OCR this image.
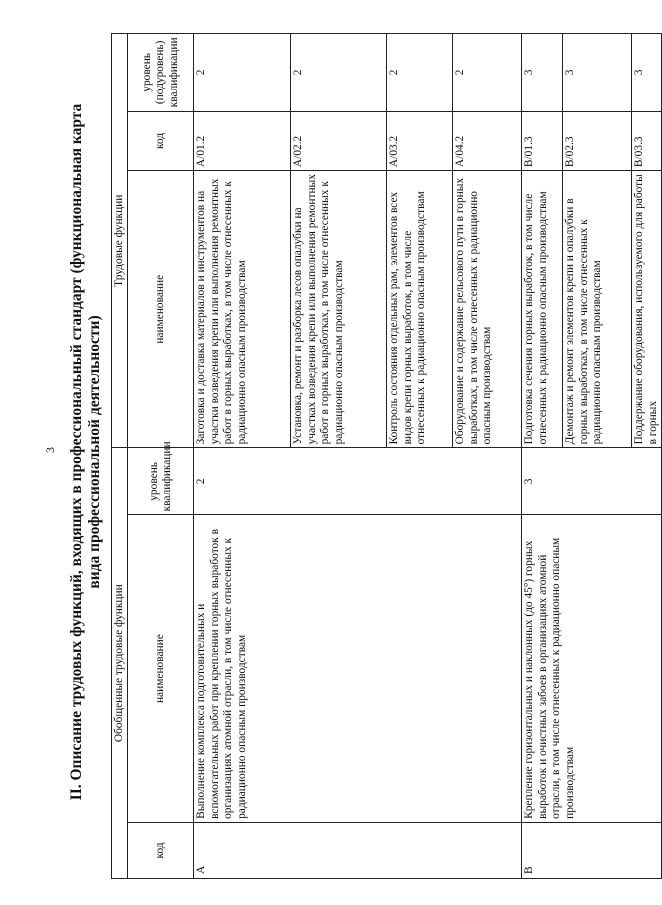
3 II. Описание трудовых функций, входящих в профессиональный стандарт (функциональная карта вида профессиональной деятельности)
Обобщенные трудовые функции			Трудовые функции		
код	наименование	уровень квалификации	наименование	код	уровень (подуровень) квалификации
А	Выполнение комплекса подготовительных и вспомогательных работ при креплении горных выработок в организациях атомной отрасли, в том числе отнесенных к радиационно опасным производствам	2	Заготовка и доставка материалов и инструментов на участки возведения крепи или выполнения ремонтных работ в горных выработках, в том числе отнесенных к радиационно опасным производствам	А/01.2	2
			Установка, ремонт и разборка лесов опалубки на участках возведения крепи или выполнения ремонтных работ в горных выработках, в том числе отнесенных к радиационно опасным производствам	А/02.2	2
			Контроль состояния отдельных рам, элементов всех видов крепи горных выработок, в том числе отнесенных к радиационно опасным производствам	А/03.2	2
			Оборудование и содержание рельсового пути в горных выработках, в том числе отнесенных к радиационно опасным производствам	А/04.2	2
В	Крепление горизонтальных и наклонных (до 45°) горных выработок и очистных забоев в организациях атомной отрасли, в том числе отнесенных к радиационно опасным производствам	3	Подготовка сечения горных выработок, в том числе отнесенных к радиационно опасным производствам	В/01.3	3
			Демонтаж и ремонт элементов крепи и опалубки в горных выработках, в том числе отнесенных к радиационно опасным производствам	В/02.3	3
			Поддержание оборудования, используемого для работы в горных	В/03.3	3
